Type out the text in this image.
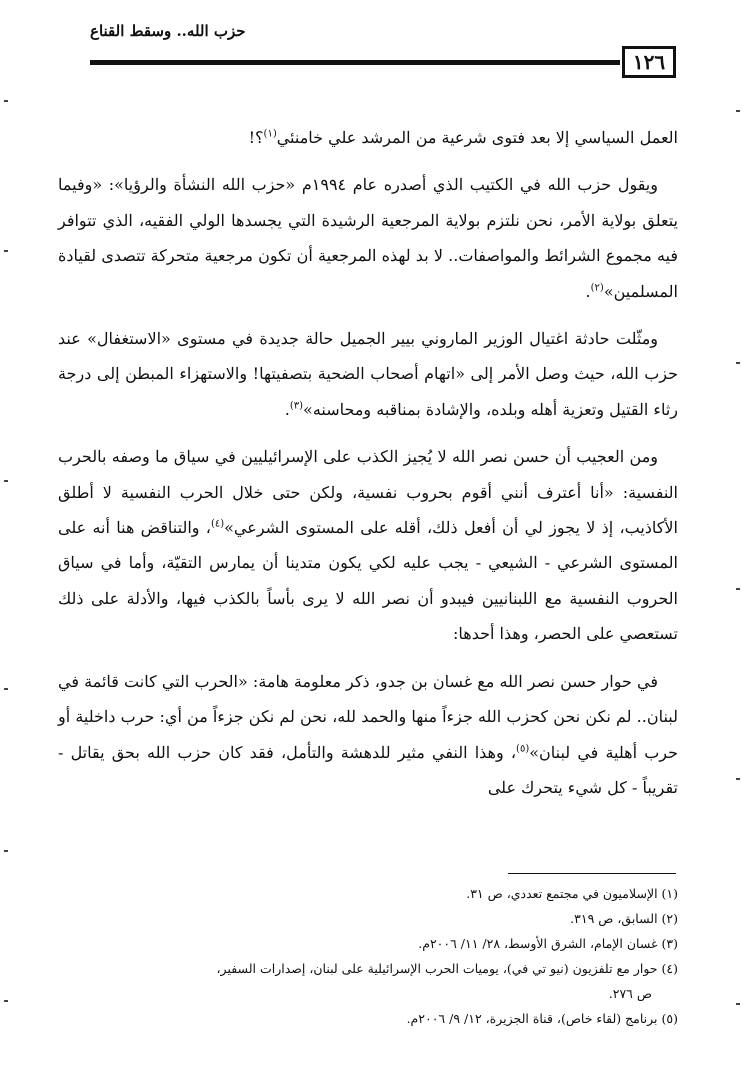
حزب الله.. وسقط القناع
١٢٦

العمل السياسي إلا بعد فتوى شرعية من المرشد علي خامنئي$^{(١)}$؟!

ويقول حزب الله في الكتيب الذي أصدره عام ١٩٩٤م «حزب الله النشأة والرؤيا»: «وفيما يتعلق بولاية الأمر، نحن نلتزم بولاية المرجعية الرشيدة التي يجسدها الولي الفقيه، الذي تتوافر فيه مجموع الشرائط والمواصفات.. لا بد لهذه المرجعية أن تكون مرجعية متحركة تتصدى لقيادة المسلمين»$^{(٢)}$.

ومثّلت حادثة اغتيال الوزير الماروني بيير الجميل حالة جديدة في مستوى «الاستغفال» عند حزب الله، حيث وصل الأمر إلى «اتهام أصحاب الضحية بتصفيتها! والاستهزاء المبطن إلى درجة رثاء القتيل وتعزية أهله وبلده، والإشادة بمناقبه ومحاسنه»$^{(٣)}$.

ومن العجيب أن حسن نصر الله لا يُجيز الكذب على الإسرائيليين في سياق ما وصفه بالحرب النفسية: «أنا أعترف أنني أقوم بحروب نفسية، ولكن حتى خلال الحرب النفسية لا أطلق الأكاذيب، إذ لا يجوز لي أن أفعل ذلك، أقله على المستوى الشرعي»$^{(٤)}$، والتناقض هنا أنه على المستوى الشرعي - الشيعي - يجب عليه لكي يكون متدينا أن يمارس التقيّة، وأما في سياق الحروب النفسية مع اللبنانيين فيبدو أن نصر الله لا يرى بأساً بالكذب فيها، والأدلة على ذلك تستعصي على الحصر، وهذا أحدها:

في حوار حسن نصر الله مع غسان بن جدو، ذكر معلومة هامة: «الحرب التي كانت قائمة في لبنان.. لم نكن نحن كحزب الله جزءاً منها والحمد لله، نحن لم نكن جزءاً من أي: حرب داخلية أو حرب أهلية في لبنان»$^{(٥)}$، وهذا النفي مثير للدهشة والتأمل، فقد كان حزب الله بحق يقاتل - تقريباً - كل شيء يتحرك على

(١) الإسلاميون في مجتمع تعددي، ص ٣١.

(٢) السابق، ص ٣١٩.

(٣) غسان الإمام، الشرق الأوسط، ٢٨/ ١١/ ٢٠٠٦م.

(٤) حوار مع تلفزيون (نيو تي في)، يوميات الحرب الإسرائيلية على لبنان، إصدارات السفير،

ص ٢٧٦.

(٥) برنامج (لقاء خاص)، قناة الجزيرة، ١٢/ ٩/ ٢٠٠٦م.
